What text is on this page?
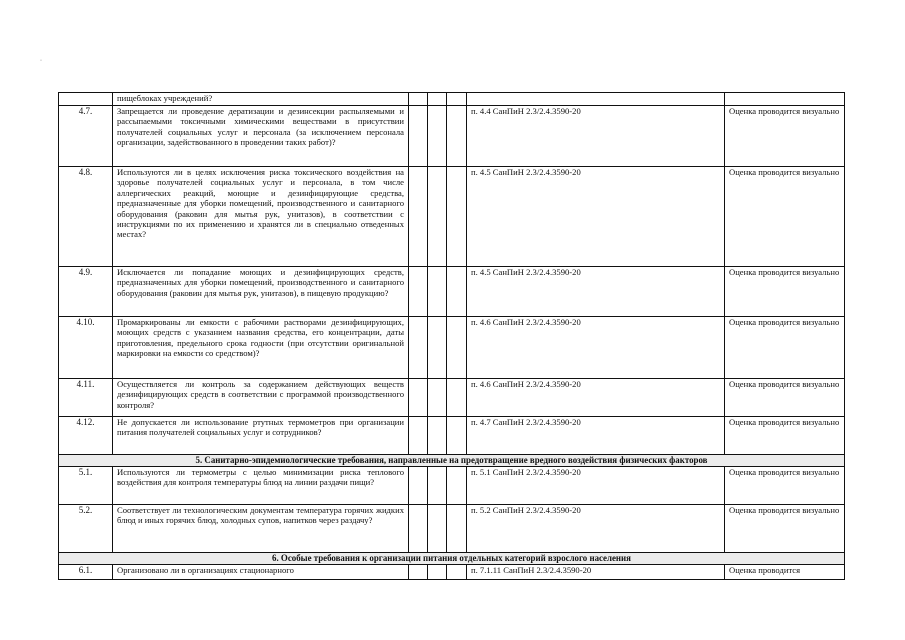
˚
	пищеблоках учреждений?					
4.7.	Запрещается ли проведение дератизации и дезинсекции распыляемыми и рассыпаемыми токсичными химическими веществами в присутствии получателей социальных услуг и персонала (за исключением персонала организации, задействованного в проведении таких работ)?				п. 4.4 СанПиН 2.3/2.4.3590-20	Оценка проводится визуально
4.8.	Используются ли в целях исключения риска токсического воздействия на здоровье получателей социальных услуг и персонала, в том числе аллергических реакций, моющие и дезинфицирующие средства, предназначенные для уборки помещений, производственного и санитарного оборудования (раковин для мытья рук, унитазов), в соответствии с инструкциями по их применению и хранятся ли в специально отведенных местах?				п. 4.5 СанПиН 2.3/2.4.3590-20	Оценка проводится визуально
4.9.	Исключается ли попадание моющих и дезинфицирующих средств, предназначенных для уборки помещений, производственного и санитарного оборудования (раковин для мытья рук, унитазов), в пищевую продукцию?				п. 4.5 СанПиН 2.3/2.4.3590-20	Оценка проводится визуально
4.10.	Промаркированы ли емкости с рабочими растворами дезинфицирующих, моющих средств с указанием названия средства, его концентрации, даты приготовления, предельного срока годности (при отсутствии оригинальной маркировки на емкости со средством)?				п. 4.6 СанПиН 2.3/2.4.3590-20	Оценка проводится визуально
4.11.	Осуществляется ли контроль за содержанием действующих веществ дезинфицирующих средств в соответствии с программой производственного контроля?				п. 4.6 СанПиН 2.3/2.4.3590-20	Оценка проводится визуально
4.12.	Не допускается ли использование ртутных термометров при организации питания получателей социальных услуг и сотрудников?				п. 4.7 СанПиН 2.3/2.4.3590-20	Оценка проводится визуально
5. Санитарно-эпидемиологические требования, направленные на предотвращение вредного воздействия физических факторов						
5.1.	Используются ли термометры с целью минимизации риска теплового воздействия для контроля температуры блюд на линии раздачи пищи?				п. 5.1 СанПиН 2.3/2.4.3590-20	Оценка проводится визуально
5.2.	Соответствует ли технологическим документам температура горячих жидких блюд и иных горячих блюд, холодных супов, напитков через раздачу?				п. 5.2 СанПиН 2.3/2.4.3590-20	Оценка проводится визуально
6. Особые требования к организации питания отдельных категорий взрослого населения						
6.1.	Организовано ли в организациях стационарного				п. 7.1.11 СанПиН 2.3/2.4.3590-20	Оценка проводится
